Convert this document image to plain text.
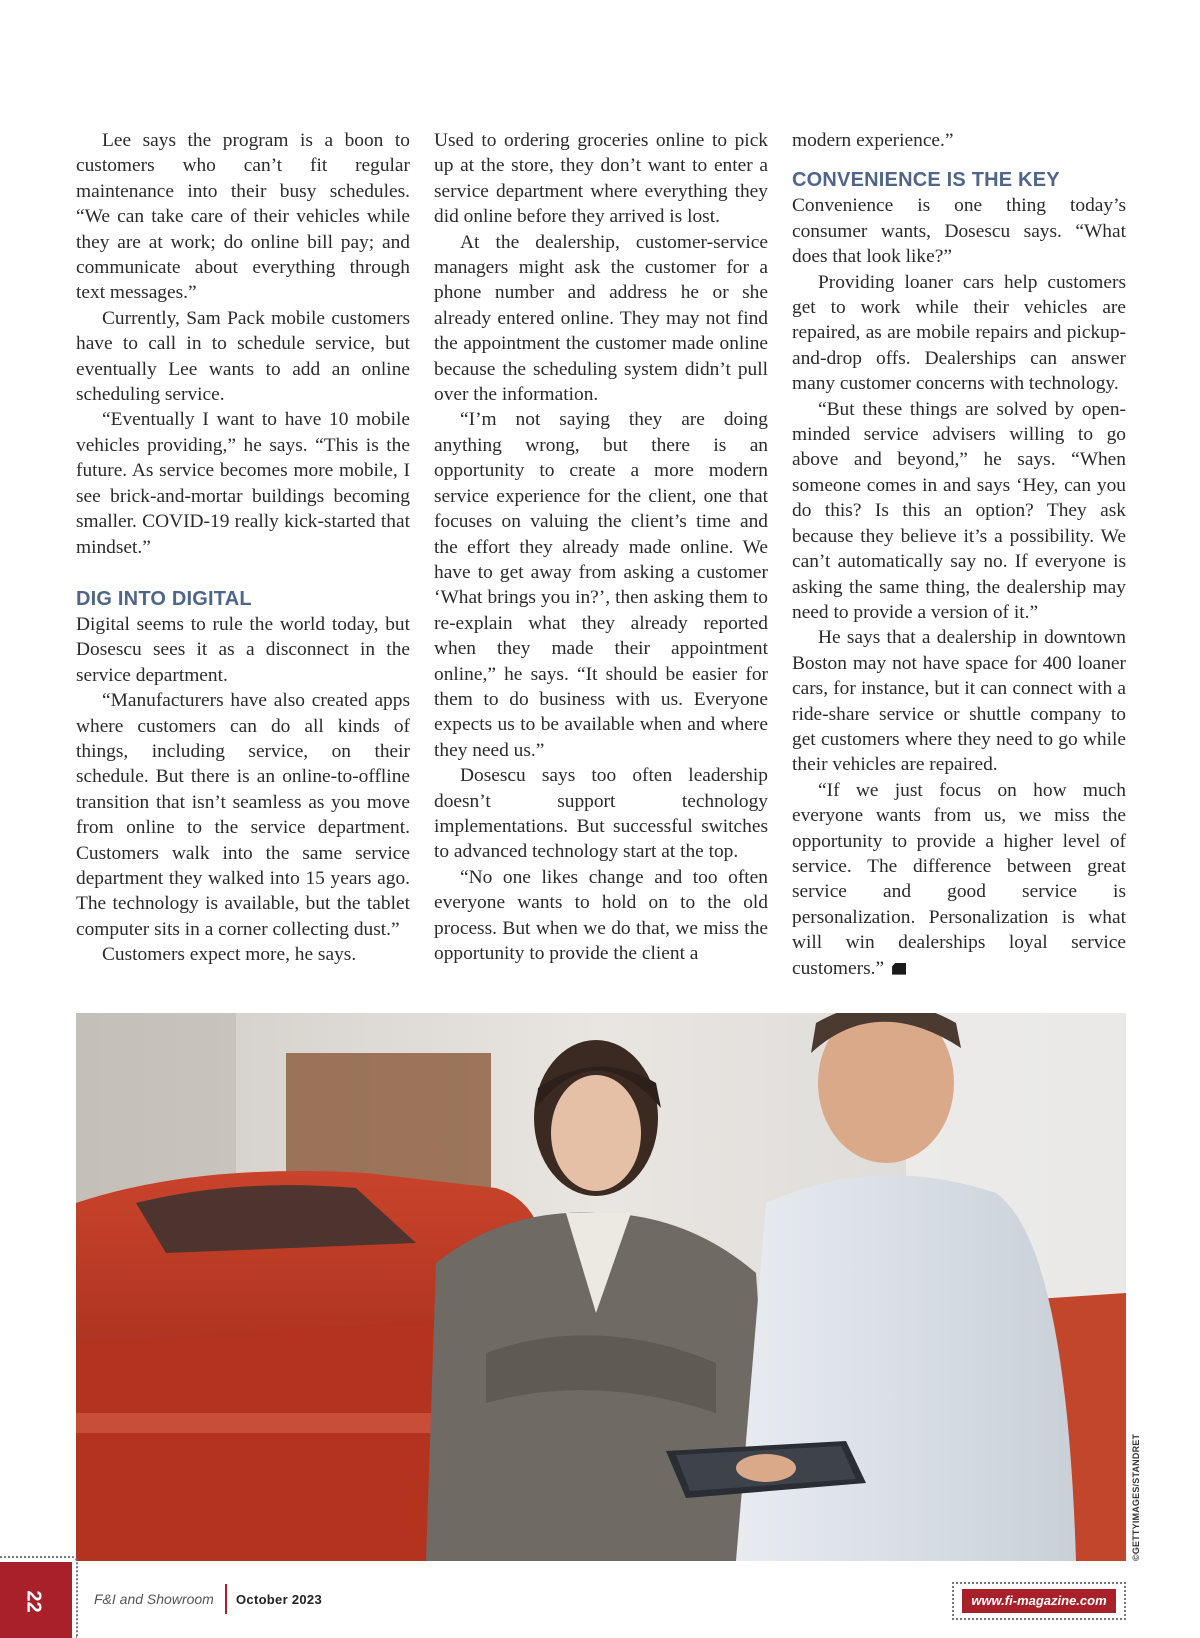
Lee says the program is a boon to customers who can’t fit regular maintenance into their busy schedules. “We can take care of their vehicles while they are at work; do online bill pay; and communicate about everything through text messages.”

Currently, Sam Pack mobile customers have to call in to schedule service, but eventually Lee wants to add an online scheduling service.

“Eventually I want to have 10 mobile vehicles providing,” he says. “This is the future. As service becomes more mobile, I see brick-and-mortar buildings becoming smaller. COVID-19 really kick-started that mindset.”

DIG INTO DIGITAL

Digital seems to rule the world today, but Dosescu sees it as a disconnect in the service department.

“Manufacturers have also created apps where customers can do all kinds of things, including service, on their schedule. But there is an online-to-offline transition that isn’t seamless as you move from online to the service department. Customers walk into the same service department they walked into 15 years ago. The technology is available, but the tablet computer sits in a corner collecting dust.”

Customers expect more, he says.

Used to ordering groceries online to pick up at the store, they don’t want to enter a service department where everything they did online before they arrived is lost.

At the dealership, customer-service managers might ask the customer for a phone number and address he or she already entered online. They may not find the appointment the customer made online because the scheduling system didn’t pull over the information.

“I’m not saying they are doing anything wrong, but there is an opportunity to create a more modern service experience for the client, one that focuses on valuing the client’s time and the effort they already made online. We have to get away from asking a customer ‘What brings you in?’, then asking them to re-explain what they already reported when they made their appointment online,” he says. “It should be easier for them to do business with us. Everyone expects us to be available when and where they need us.”

Dosescu says too often leadership doesn’t support technology implementations. But successful switches to advanced technology start at the top.

“No one likes change and too often everyone wants to hold on to the old process. But when we do that, we miss the opportunity to provide the client a

modern experience.”

CONVENIENCE IS THE KEY

Convenience is one thing today’s consumer wants, Dosescu says. “What does that look like?”

Providing loaner cars help customers get to work while their vehicles are repaired, as are mobile repairs and pickup-and-drop offs. Dealerships can answer many customer concerns with technology.

“But these things are solved by open-minded service advisers willing to go above and beyond,” he says. “When someone comes in and says ‘Hey, can you do this? Is this an option? They ask because they believe it’s a possibility. We can’t automatically say no. If everyone is asking the same thing, the dealership may need to provide a version of it.”

He says that a dealership in downtown Boston may not have space for 400 loaner cars, for instance, but it can connect with a ride-share service or shuttle company to get customers where they need to go while their vehicles are repaired.

“If we just focus on how much everyone wants from us, we miss the opportunity to provide a higher level of service. The difference between great service and good service is personalization. Personalization is what will win dealerships loyal service customers.”

©GETTYIMAGES/STANDRET
22	F&I and Showroom October 2023	www.fi-magazine.com
